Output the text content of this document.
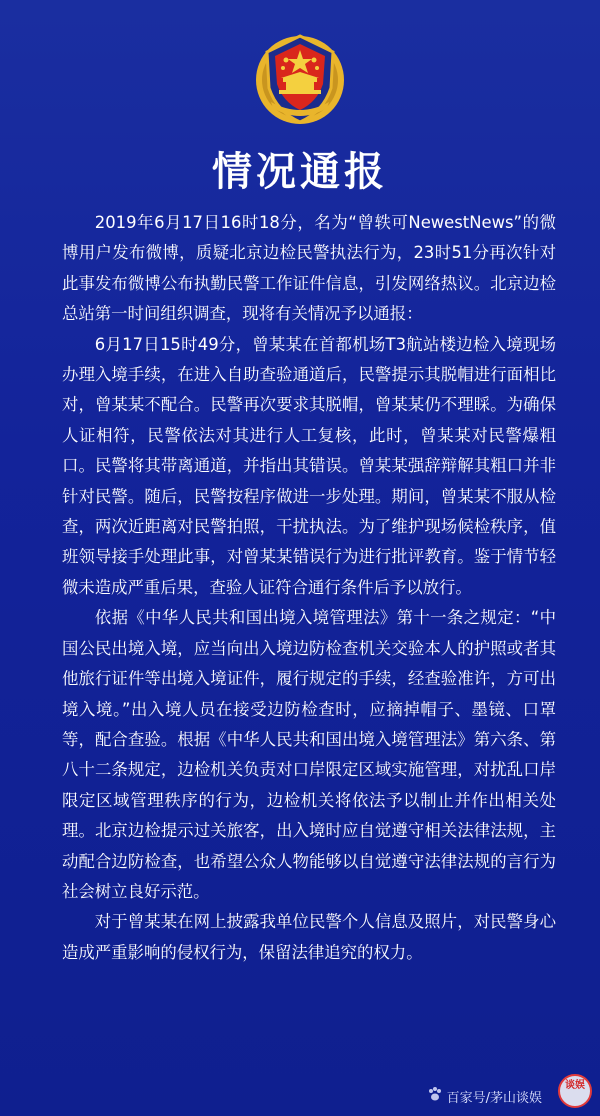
情况通报

2019年6月17日16时18分，名为“曾轶可NewestNews”的微博用户发布微博，质疑北京边检民警执法行为，23时51分再次针对此事发布微博公布执勤民警工作证件信息，引发网络热议。北京边检总站第一时间组织调查，现将有关情况予以通报：

6月17日15时49分，曾某某在首都机场T3航站楼边检入境现场办理入境手续，在进入自助查验通道后，民警提示其脱帽进行面相比对，曾某某不配合。民警再次要求其脱帽，曾某某仍不理睬。为确保人证相符，民警依法对其进行人工复核，此时，曾某某对民警爆粗口。民警将其带离通道，并指出其错误。曾某某强辞辩解其粗口并非针对民警。随后，民警按程序做进一步处理。期间，曾某某不服从检查，两次近距离对民警拍照，干扰执法。为了维护现场候检秩序，值班领导接手处理此事，对曾某某错误行为进行批评教育。鉴于情节轻微未造成严重后果，查验人证符合通行条件后予以放行。

依据《中华人民共和国出境入境管理法》第十一条之规定：“中国公民出境入境，应当向出入境边防检查机关交验本人的护照或者其他旅行证件等出境入境证件，履行规定的手续，经查验准许，方可出境入境。”出入境人员在接受边防检查时，应摘掉帽子、墨镜、口罩等，配合查验。根据《中华人民共和国出境入境管理法》第六条、第八十二条规定，边检机关负责对口岸限定区域实施管理，对扰乱口岸限定区域管理秩序的行为，边检机关将依法予以制止并作出相关处理。北京边检提示过关旅客，出入境时应自觉遵守相关法律法规，主动配合边防检查，也希望公众人物能够以自觉遵守法律法规的言行为社会树立良好示范。

对于曾某某在网上披露我单位民警个人信息及照片，对民警身心造成严重影响的侵权行为，保留法律追究的权力。

百家号/茅山谈娱
谈娱
